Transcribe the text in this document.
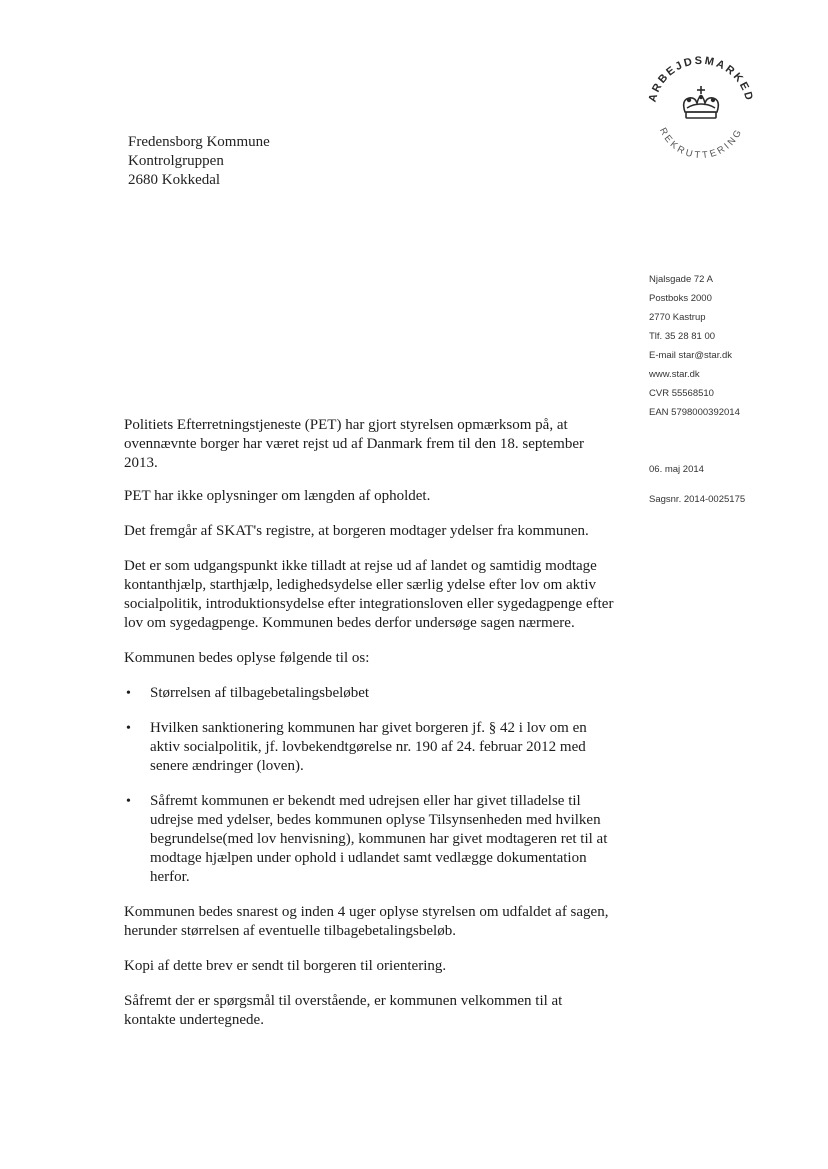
ARBEJDSMARKED
REKRUTTERING
Fredensborg Kommune
Kontrolgruppen
2680 Kokkedal
Njalsgade 72 A
Postboks 2000
2770 Kastrup
Tlf. 35 28 81 00
E-mail star@star.dk
www.star.dk
CVR 55568510
EAN 5798000392014
06. maj 2014
Sagsnr. 2014-0025175

Politiets Efterretningstjeneste (PET) har gjort styrelsen opmærksom på, at ovennævnte borger har været rejst ud af Danmark frem til den 18. september 2013.

PET har ikke oplysninger om længden af opholdet.

Det fremgår af SKAT's registre, at borgeren modtager ydelser fra kommunen.

Det er som udgangspunkt ikke tilladt at rejse ud af landet og samtidig modtage kontanthjælp, starthjælp, ledighedsydelse eller særlig ydelse efter lov om aktiv socialpolitik, introduktionsydelse efter integrationsloven eller sygedagpenge efter lov om sygedagpenge. Kommunen bedes derfor undersøge sagen nærmere.

Kommunen bedes oplyse følgende til os:

• Størrelsen af tilbagebetalingsbeløbet
• Hvilken sanktionering kommunen har givet borgeren jf. § 42 i lov om en aktiv socialpolitik, jf. lovbekendtgørelse nr. 190 af 24. februar 2012 med senere ændringer (loven).
• Såfremt kommunen er bekendt med udrejsen eller har givet tilladelse til udrejse med ydelser, bedes kommunen oplyse Tilsynsenheden med hvilken begrundelse(med lov henvisning), kommunen har givet modtageren ret til at modtage hjælpen under ophold i udlandet samt vedlægge dokumentation herfor.

Kommunen bedes snarest og inden 4 uger oplyse styrelsen om udfaldet af sagen, herunder størrelsen af eventuelle tilbagebetalingsbeløb.

Kopi af dette brev er sendt til borgeren til orientering.

Såfremt der er spørgsmål til overstående, er kommunen velkommen til at kontakte undertegnede.
